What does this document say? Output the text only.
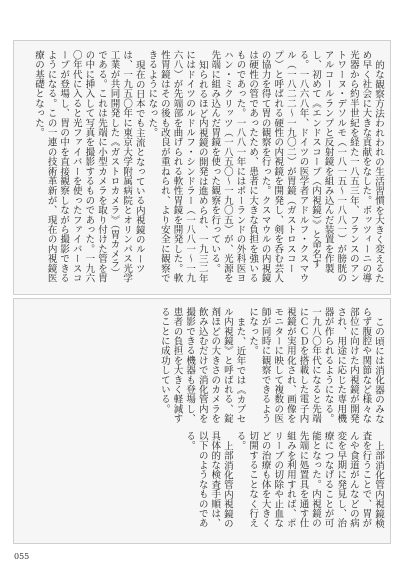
的な観察方法われわれの生活習慣を大きく変えるため早く社会に大きな貢献をなした。ボッツィーニの導光器から約半世紀を経た一八五三年、フランスのアントワーヌ・デソルモ（一八一五〜一八八一）が膀胱のアルコールランプと反射鏡を組み込んだ装置を作製し、初めて《エンドスコープ（内視鏡）》と命名する。一八六八年、ドイツの医学者アドルフ・クスマウル（一八二二〜一九〇二）が胃鏡（ガストロスコープ）と呼ばれる硬性の内視鏡を開発し、剣を呑む芸人の協力を得て胃の観察を行った。クスマウルの内視鏡は硬性の管であったため、患者に大きな負担を強いるものであった。一八八一年にはポーランドの外科医ヨハン・ミクリッツ（一八五〇〜一九〇五）が、光源を先端に組み込んだ胃鏡を使った観察を行っている。

知られるほど内視鏡の開発は進められ、一九三二年にはドイツのルドルフ・シンドラー（一八八一〜一九六八）が先端部を曲げられる軟性胃鏡を開発した。軟性胃鏡はその後も改良が重ねられ、より安全に観察できるようになった。

現在の日本でも主流となっている内視鏡のルーツは、一九五〇年に東京大学附属病院とオリンパス光学工業が共同開発した《ガストロカメラ》（胃カメラ）である。これは先端に小型カメラを取り付けた管を胃の中に挿入して写真を撮影するものであった。一九六〇年代に入ると光ファイバーを使ったファイバースコープが登場し、胃の中を直接観察しながら撮影できるようになる。この一連の技術革新が、現在の内視鏡医療の基礎となった。

この頃には消化器のみならず腹腔や関節など様々な部位に向けた内視鏡が開発され、用途に応じた専用機器が作られるようになる。一九八〇年代になると先端にＣＣＤを搭載した電子内視鏡が実用化され、画像をモニターに映して複数の医師が同時に観察できるようになった。

また、近年では《カプセル内視鏡》と呼ばれる、錠剤ほどの大きさのカメラを飲み込むだけで消化管内を撮影できる機器も登場し、患者の負担を大きく軽減することに成功している。

上部消化管内視鏡検査を行うことで、胃がんや食道がんなどの病変を早期に発見し、治療につなげることが可能となった。内視鏡の先端に処置具を通す仕組みを利用すれば、ポリープの切除や止血などの治療も体を大きく切開することなく行える。

上部消化管内視鏡の具体的な検査手順は、以下のようなものである。

055
